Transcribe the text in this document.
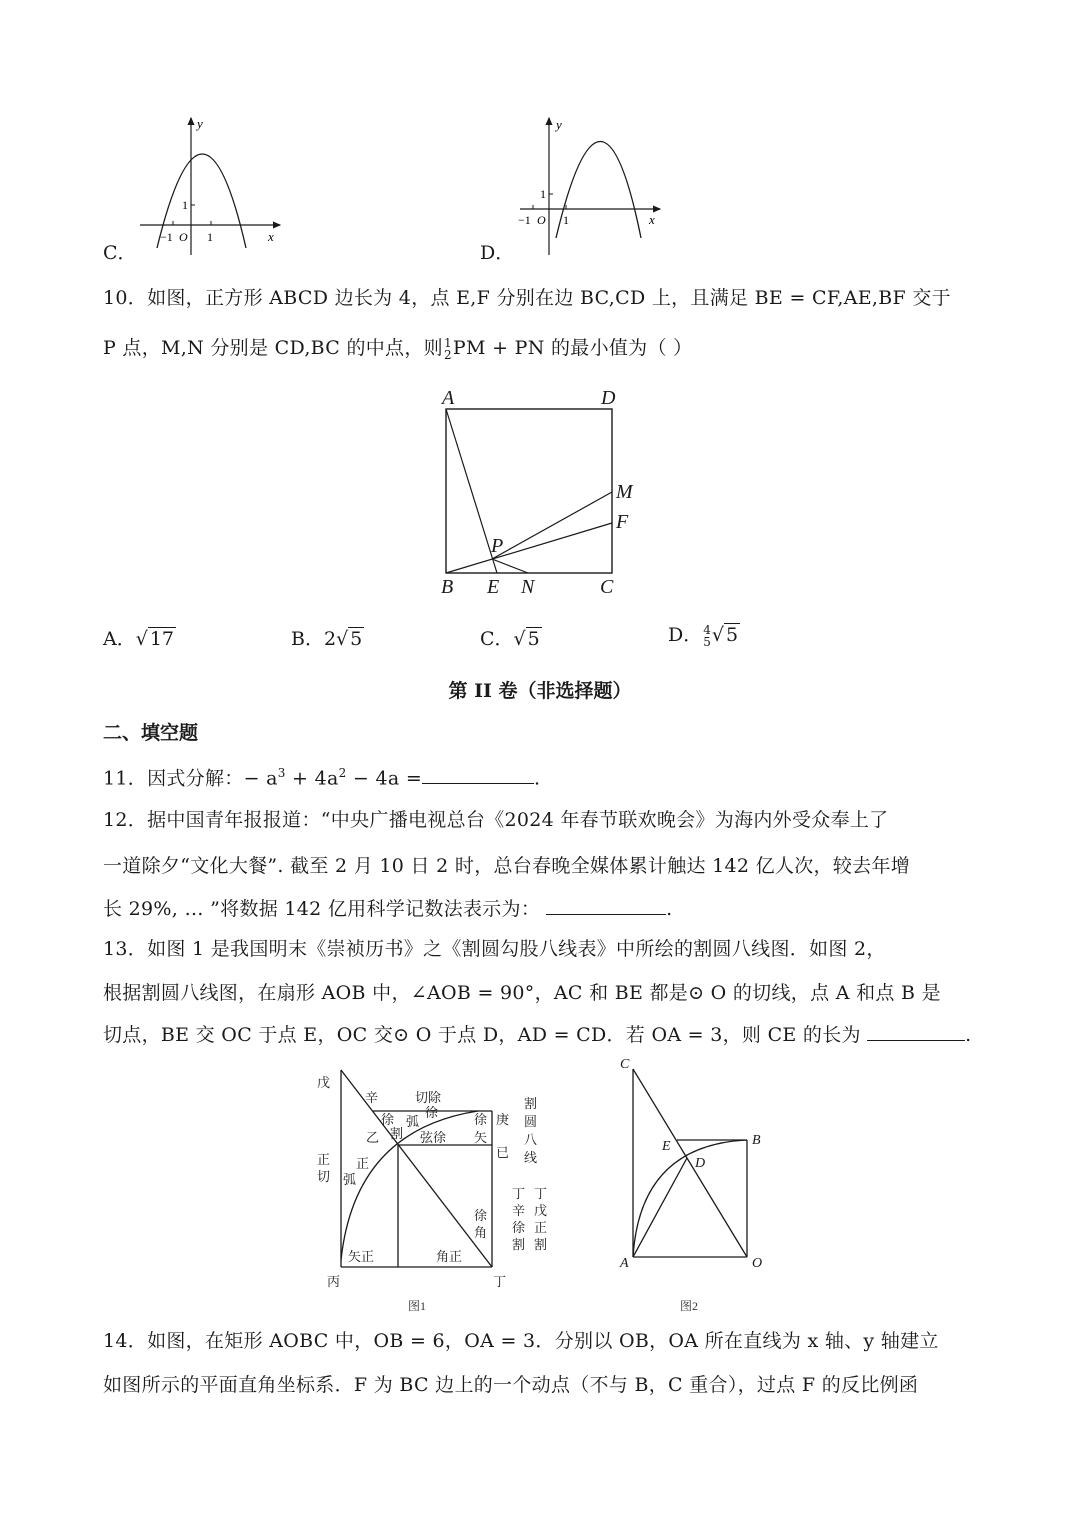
y
x
−1 O 1
1
C．
y
x
−1 O 1
1
D．
10．如图，正方形 ABCD 边长为 4，点 E,F 分别在边 BC,CD 上，且满足 BE = CF,AE,BF 交于
P 点，M,N 分别是 CD,BC 的中点，则 1
2 PM + PN 的最小值为（ ）
A	D
M
F
P
B E N	C
A．√ 17	B．2√ 5	C．√ 5	D． 4
5 √ 5
第 II 卷（非选择题）
二、填空题
11．因式分解：− $a^3 + 4a^2 - 4a$ =	.
12．据中国青年报报道：“中央广播电视总台《2024 年春节联欢晚会》为海内外受众奉上了
一道除夕“文化大餐”. 截至 2 月 10 日 2 时，总台春晚全媒体累计触达 142 亿人次，较去年增
长 29%, … ”将数据 142 亿用科学记数法表示为：	.
13．如图 1 是我国明末《崇祯历书》之《割圆勾股八线表》中所绘的割圆八线图．如图 2，
根据割圆八线图，在扇形 AOB 中，∠AOB = 90°，AC 和 BE 都是⊙ O 的切线，点 A 和点 B 是
切点，BE 交 OC 于点 E，OC 交⊙ O 于点 D，AD = CD．若 OA = 3，则 CE 的长为	.
戊
辛	切除
徐
徐 弧
割
乙	弦徐
徐
矢
庚
已
正
弧
正
切
矢正	角正
徐
角
丙	丁
割
圆
八
线
丁
辛
徐
割
丁
戊
正
割
图1
C
E
D
B
A	O
图2
14．如图，在矩形 AOBC 中，OB = 6，OA = 3．分别以 OB，OA 所在直线为 x 轴、y 轴建立
如图所示的平面直角坐标系．F 为 BC 边上的一个动点（不与 B，C 重合），过点 F 的反比例函
